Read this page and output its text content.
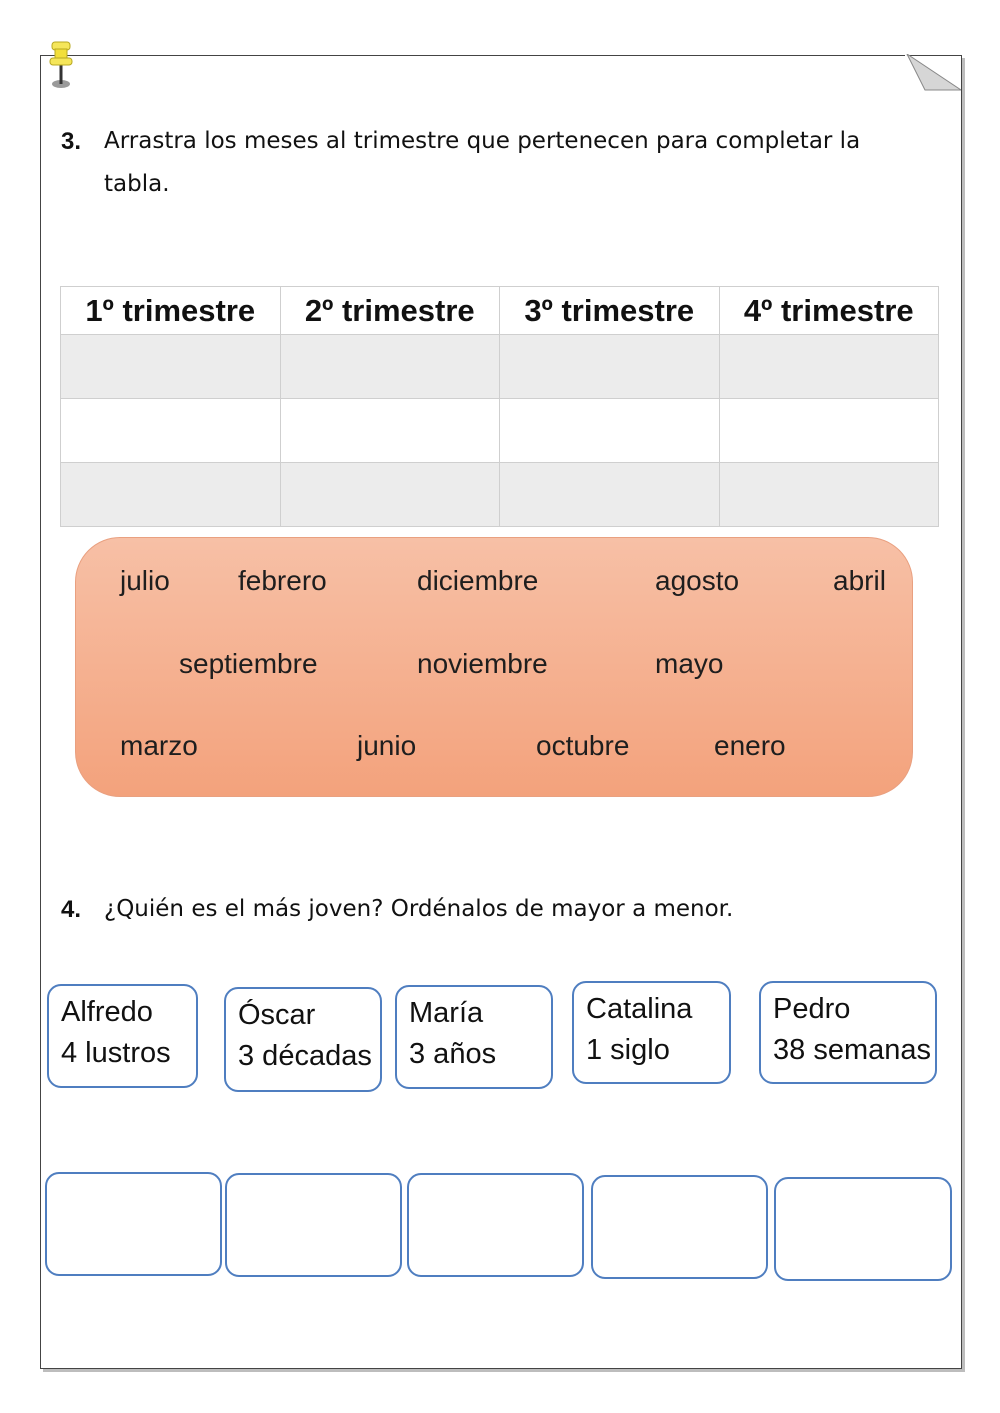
3. Arrastra los meses al trimestre que pertenecen para completar la
tabla.
1º trimestre	2º trimestre	3º trimestre	4º trimestre

julio febrero	diciembre	agosto	abril
septiembre	noviembre	mayo
marzo	junio	octubre	enero
4. ¿Quién es el más joven? Ordénalos de mayor a menor.
Alfredo
4 lustros
Óscar
3 décadas
María
3 años
Catalina
1 siglo
Pedro
38 semanas
